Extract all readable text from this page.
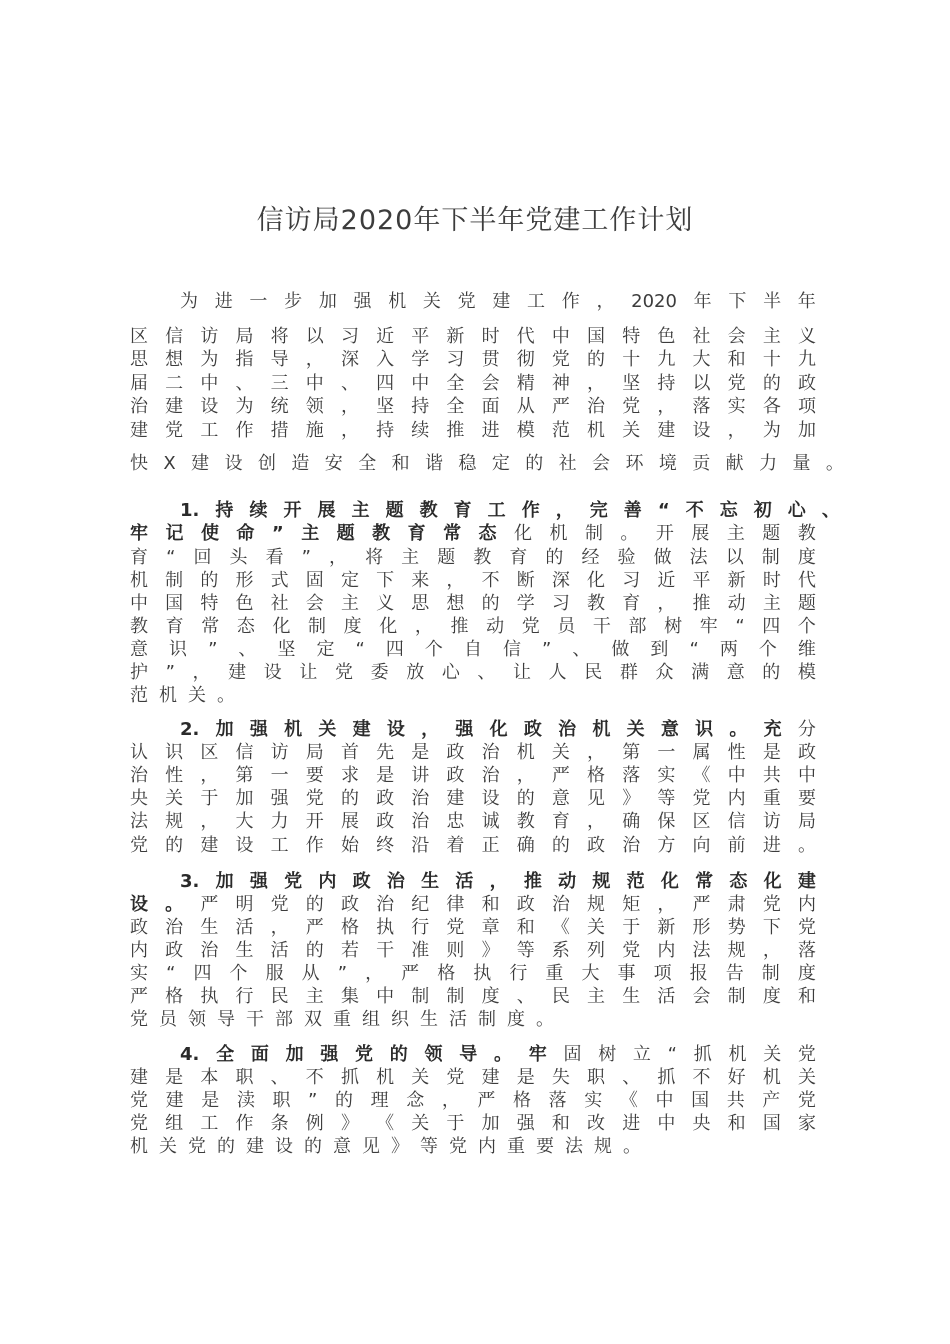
信访局2020年下半年党建工作计划
为 进 一 步 加 强 机 关 党 建 工 作 ， 2020 年 下 半 年
区 信 访 局 将 以 习 近 平 新 时 代 中 国 特 色 社 会 主 义
思 想 为 指 导 ， 深 入 学 习 贯 彻 党 的 十 九 大 和 十 九
届 二 中 、 三 中 、 四 中 全 会 精 神 ， 坚 持 以 党 的 政
治 建 设 为 统 领 ， 坚 持 全 面 从 严 治 党 ， 落 实 各 项
建 党 工 作 措 施 ， 持 续 推 进 模 范 机 关 建 设 ， 为 加
快 X 建 设 创 造 安 全 和 谐 稳 定 的 社 会 环 境 贡 献 力 量 。
1. 持 续 开 展 主 题 教 育 工 作 ， 完 善 “ 不 忘 初 心 、
牢 记 使 命 ” 主 题 教 育 常 态 化 机 制 。 开 展 主 题 教
育 “ 回 头 看 ” ， 将 主 题 教 育 的 经 验 做 法 以 制 度
机 制 的 形 式 固 定 下 来 ， 不 断 深 化 习 近 平 新 时 代
中 国 特 色 社 会 主 义 思 想 的 学 习 教 育 ， 推 动 主 题
教 育 常 态 化 制 度 化 ， 推 动 党 员 干 部 树 牢 “ 四 个
意 识 ” 、 坚 定 “ 四 个 自 信 ” 、 做 到 “ 两 个 维
护 ” ， 建 设 让 党 委 放 心 、 让 人 民 群 众 满 意 的 模
范 机 关 。
2. 加 强 机 关 建 设 ， 强 化 政 治 机 关 意 识 。 充 分
认 识 区 信 访 局 首 先 是 政 治 机 关 ， 第 一 属 性 是 政
治 性 ， 第 一 要 求 是 讲 政 治 ， 严 格 落 实 《 中 共 中
央 关 于 加 强 党 的 政 治 建 设 的 意 见 》 等 党 内 重 要
法 规 ， 大 力 开 展 政 治 忠 诚 教 育 ， 确 保 区 信 访 局
党 的 建 设 工 作 始 终 沿 着 正 确 的 政 治 方 向 前 进 。
3. 加 强 党 内 政 治 生 活 ， 推 动 规 范 化 常 态 化 建
设 。 严 明 党 的 政 治 纪 律 和 政 治 规 矩 ， 严 肃 党 内
政 治 生 活 ， 严 格 执 行 党 章 和 《 关 于 新 形 势 下 党
内 政 治 生 活 的 若 干 准 则 》 等 系 列 党 内 法 规 ， 落
实 “ 四 个 服 从 ” ， 严 格 执 行 重 大 事 项 报 告 制 度
严 格 执 行 民 主 集 中 制 制 度 、 民 主 生 活 会 制 度 和
党 员 领 导 干 部 双 重 组 织 生 活 制 度 。
4. 全 面 加 强 党 的 领 导 。 牢 固 树 立 “ 抓 机 关 党
建 是 本 职 、 不 抓 机 关 党 建 是 失 职 、 抓 不 好 机 关
党 建 是 渎 职 ” 的 理 念 ， 严 格 落 实 《 中 国 共 产 党
党 组 工 作 条 例 》 《 关 于 加 强 和 改 进 中 央 和 国 家
机 关 党 的 建 设 的 意 见 》 等 党 内 重 要 法 规 。
